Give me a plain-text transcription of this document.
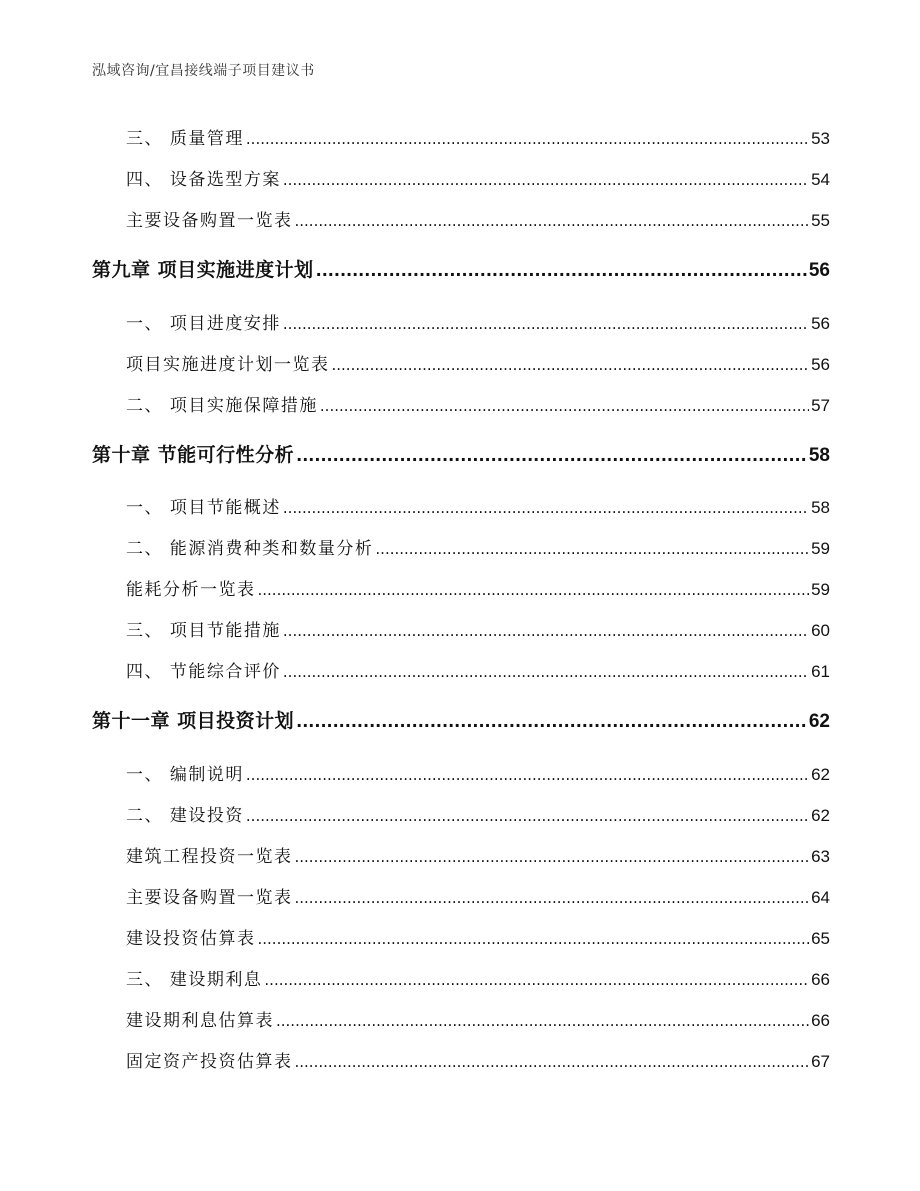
泓域咨询/宜昌接线端子项目建议书
三、 质量管理 .....	53
四、 设备选型方案 .....	54
主要设备购置一览表 .....	55
第九章 项目实施进度计划 .....	56
一、 项目进度安排 .....	56
项目实施进度计划一览表 .....	56
二、 项目实施保障措施 .....	57
第十章 节能可行性分析 .....	58
一、 项目节能概述 .....	58
二、 能源消费种类和数量分析 .....	59
能耗分析一览表 .....	59
三、 项目节能措施 .....	60
四、 节能综合评价 .....	61
第十一章 项目投资计划 .....	62
一、 编制说明 .....	62
二、 建设投资 .....	62
建筑工程投资一览表 .....	63
主要设备购置一览表 .....	64
建设投资估算表 .....	65
三、 建设期利息 .....	66
建设期利息估算表 .....	66
固定资产投资估算表 .....	67
